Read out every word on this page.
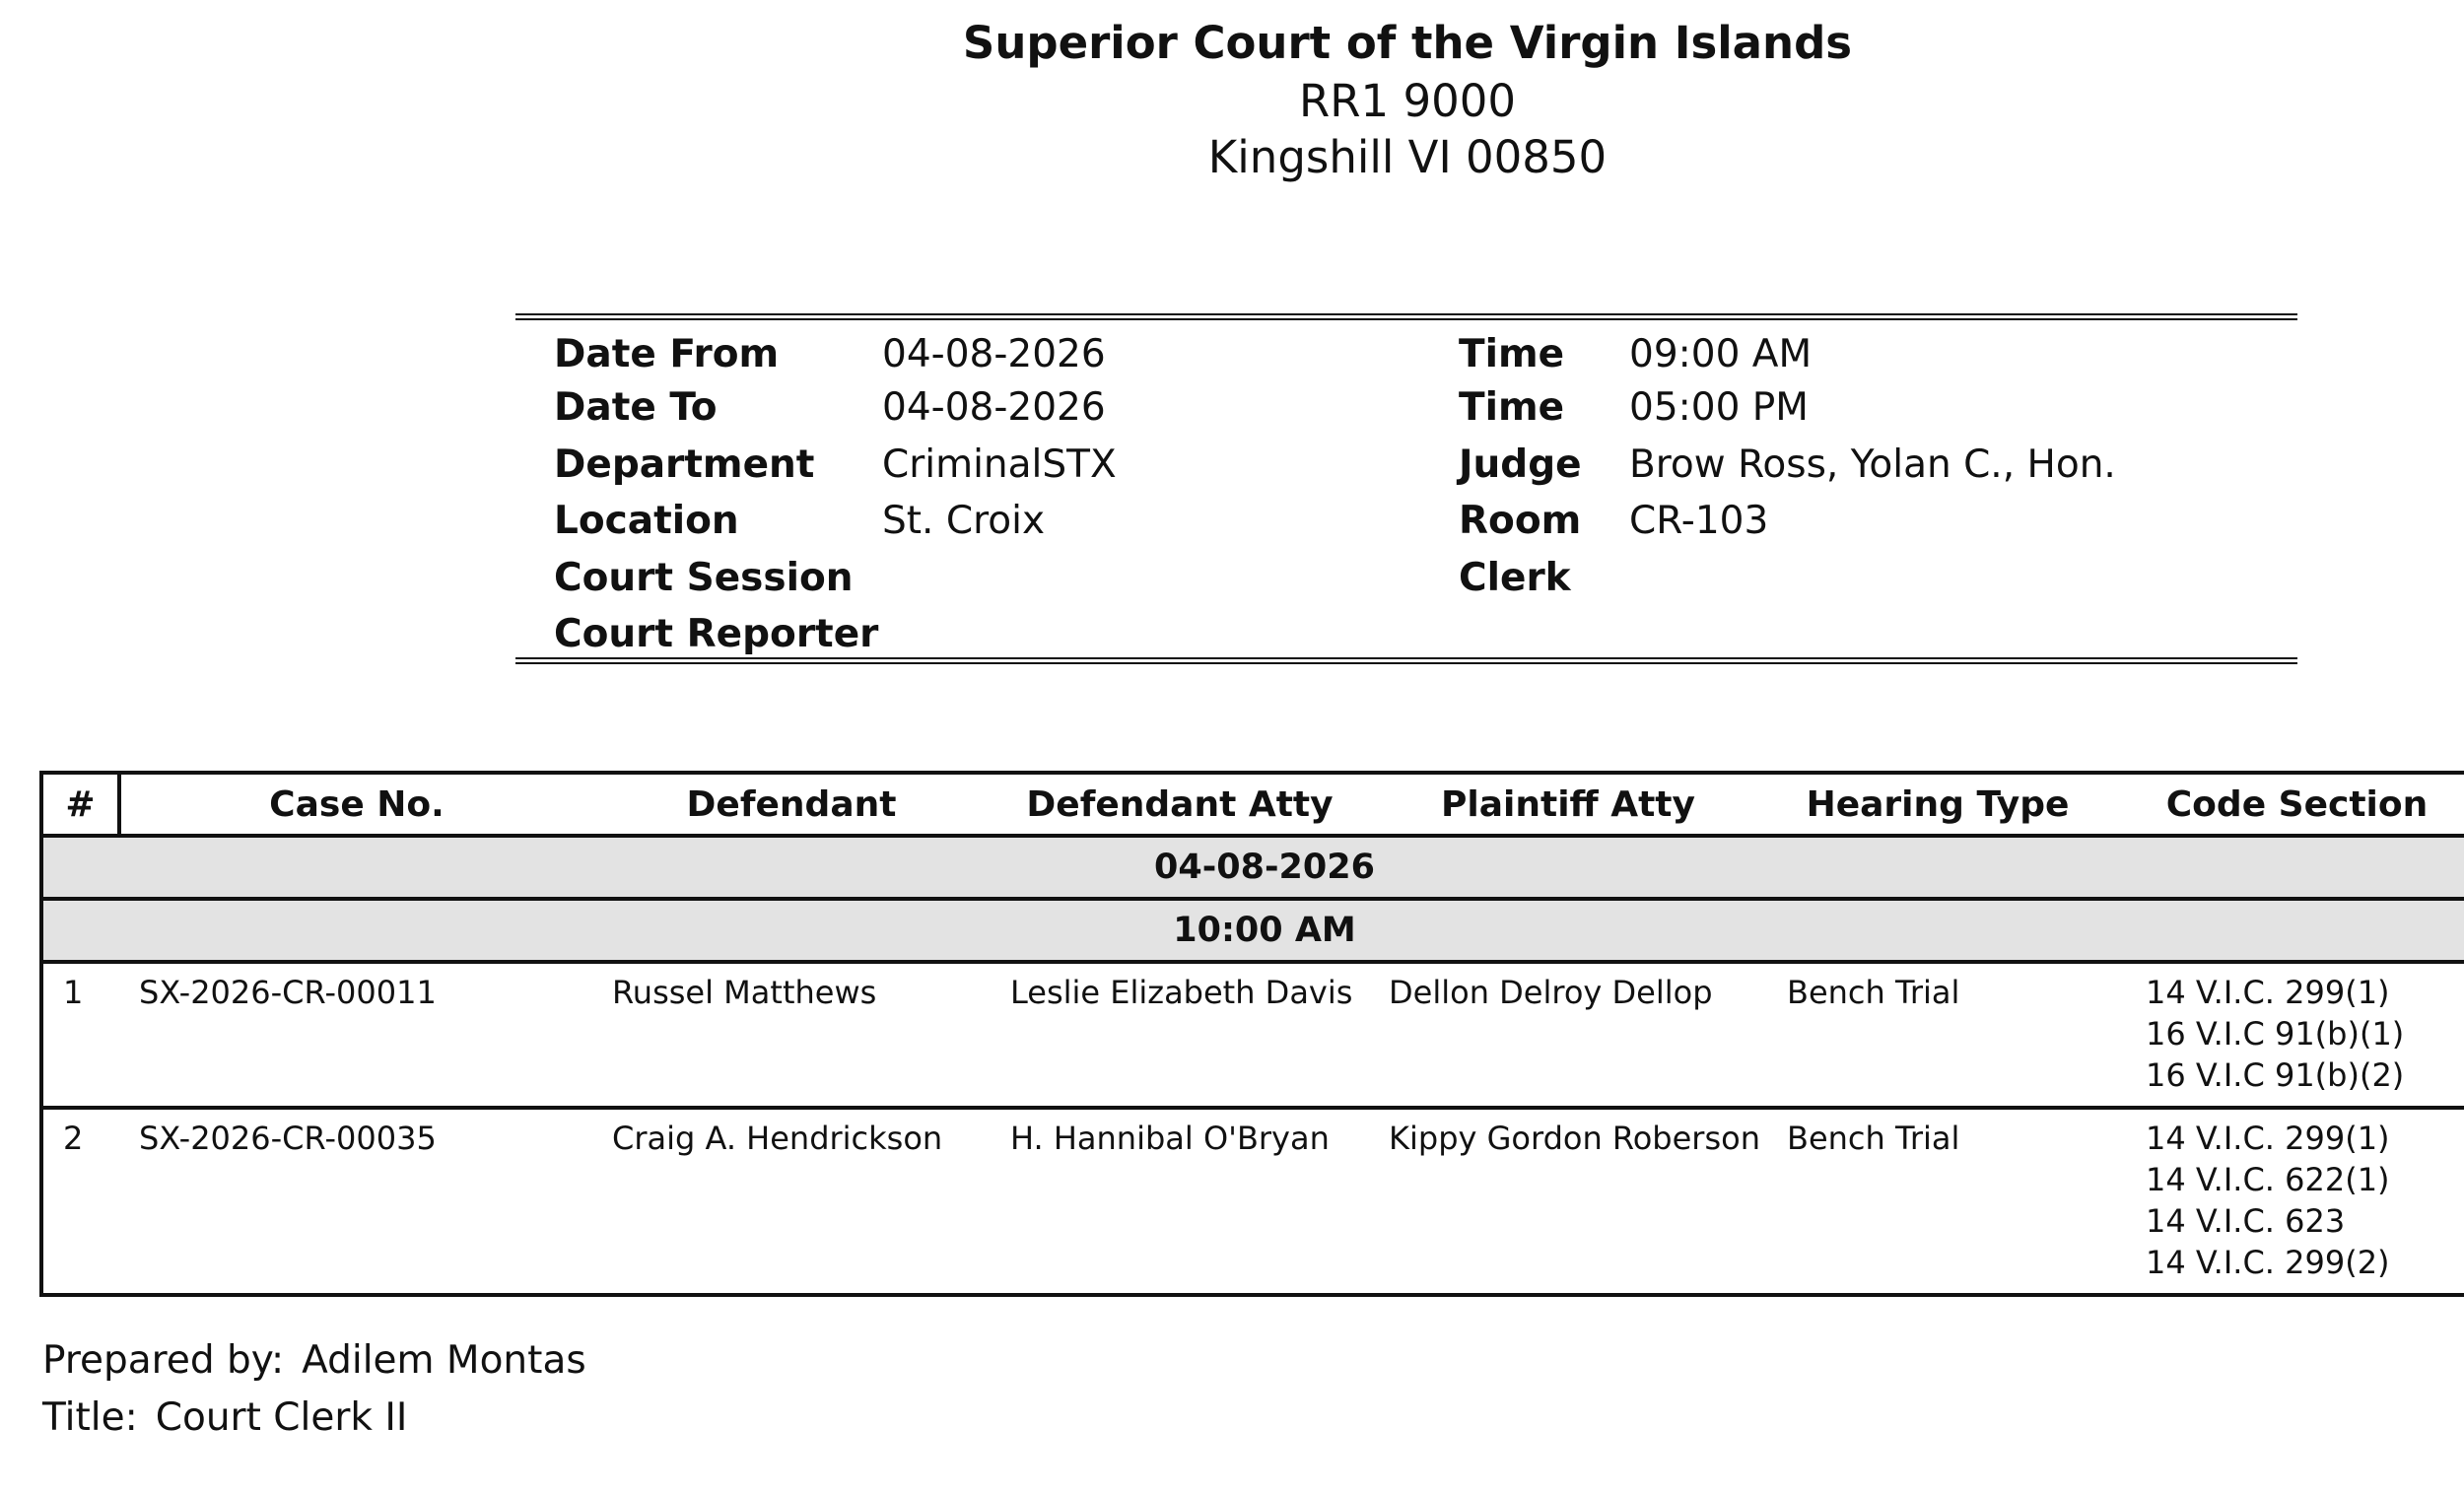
Superior Court of the Virgin Islands
RR1 9000
Kingshill VI 00850
Date From	04-08-2026
Date To	04-08-2026
Department CriminalSTX
Location	St. Croix
Court Session
Court Reporter
Time 09:00 AM
Time 05:00 PM
Judge Brow Ross, Yolan C., Hon.
Room CR-103
Clerk
#	Case No.	Defendant	Defendant Atty	Plaintiff Atty	Hearing Type	Code Section
04-08-2026						
10:00 AM						
1	SX-2026-CR-00011	Russel Matthews	Leslie Elizabeth Davis	Dellon Delroy Dellop	Bench Trial	14 V.I.C. 299(1)
16 V.I.C 91(b)(1)
16 V.I.C 91(b)(2)

2	SX-2026-CR-00035	Craig A. Hendrickson	H. Hannibal O'Bryan	Kippy Gordon Roberson	Bench Trial	14 V.I.C. 299(1)
14 V.I.C. 622(1)
14 V.I.C. 623
14 V.I.C. 299(2)
Prepared by: Adilem Montas
Title: Court Clerk II
